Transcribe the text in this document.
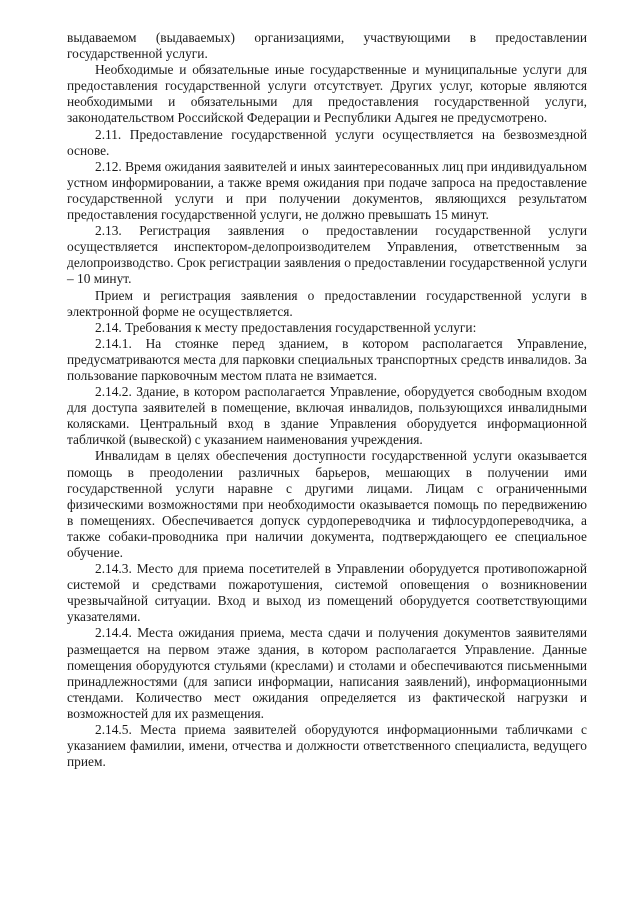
выдаваемом (выдаваемых) организациями, участвующими в предоставлении государственной услуги.

Необходимые и обязательные иные государственные и муниципальные услуги для предоставления государственной услуги отсутствует. Других услуг, которые являются необходимыми и обязательными для предоставления государственной услуги, законодательством Российской Федерации и Республики Адыгея не предусмотрено.

2.11. Предоставление государственной услуги осуществляется на безвозмездной основе.

2.12. Время ожидания заявителей и иных заинтересованных лиц при индивидуальном устном информировании, а также время ожидания при подаче запроса на предоставление государственной услуги и при получении документов, являющихся результатом предоставления государственной услуги, не должно превышать 15 минут.

2.13. Регистрация заявления о предоставлении государственной услуги осуществляется инспектором-делопроизводителем Управления, ответственным за делопроизводство. Срок регистрации заявления о предоставлении государственной услуги – 10 минут.

Прием и регистрация заявления о предоставлении государственной услуги в электронной форме не осуществляется.

2.14. Требования к месту предоставления государственной услуги:

2.14.1. На стоянке перед зданием, в котором располагается Управление, предусматриваются места для парковки специальных транспортных средств инвалидов. За пользование парковочным местом плата не взимается.

2.14.2. Здание, в котором располагается Управление, оборудуется свободным входом для доступа заявителей в помещение, включая инвалидов, пользующихся инвалидными колясками. Центральный вход в здание Управления оборудуется информационной табличкой (вывеской) с указанием наименования учреждения.

Инвалидам в целях обеспечения доступности государственной услуги оказывается помощь в преодолении различных барьеров, мешающих в получении ими государственной услуги наравне с другими лицами. Лицам с ограниченными физическими возможностями при необходимости оказывается помощь по передвижению в помещениях. Обеспечивается допуск сурдопереводчика и тифлосурдопереводчика, а также собаки-проводника при наличии документа, подтверждающего ее специальное обучение.

2.14.3. Место для приема посетителей в Управлении оборудуется противопожарной системой и средствами пожаротушения, системой оповещения о возникновении чрезвычайной ситуации. Вход и выход из помещений оборудуется соответствующими указателями.

2.14.4. Места ожидания приема, места сдачи и получения документов заявителями размещается на первом этаже здания, в котором располагается Управление. Данные помещения оборудуются стульями (креслами) и столами и обеспечиваются письменными принадлежностями (для записи информации, написания заявлений), информационными стендами. Количество мест ожидания определяется из фактической нагрузки и возможностей для их размещения.

2.14.5. Места приема заявителей оборудуются информационными табличками с указанием фамилии, имени, отчества и должности ответственного специалиста, ведущего прием.
